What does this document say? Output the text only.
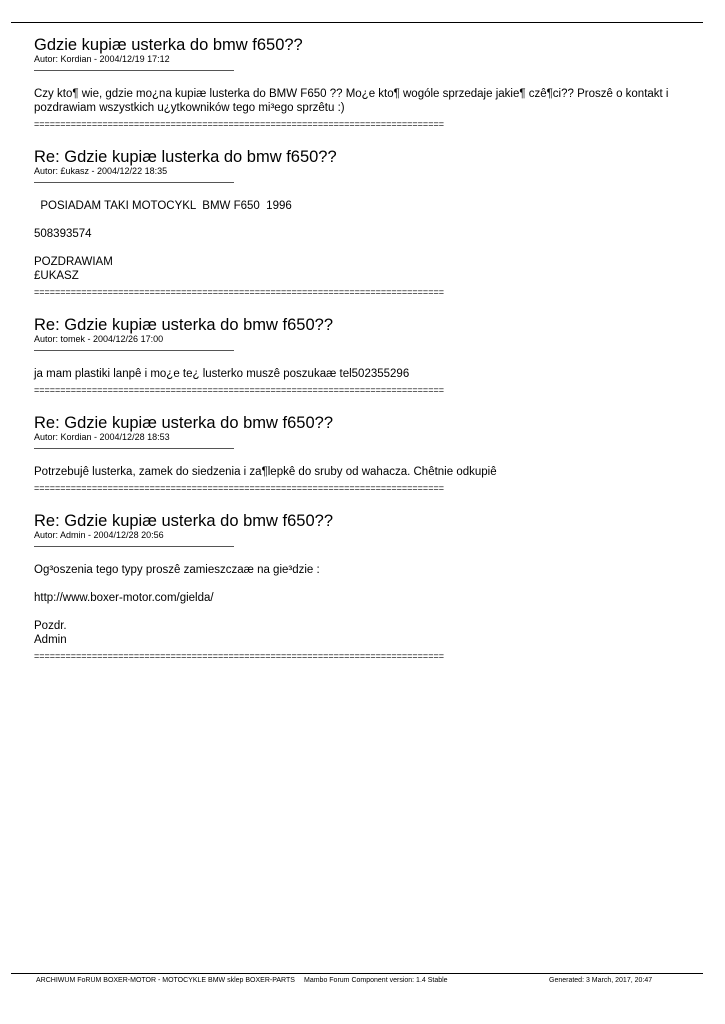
Gdzie kupiæ usterka do bmw f650??
Autor: Kordian - 2004/12/19 17:12

Czy kto¶ wie, gdzie mo¿na kupiæ lusterka do BMW F650 ?? Mo¿e kto¶ wogóle sprzedaje jakie¶ czê¶ci?? Proszê o kontakt i pozdrawiam wszystkich u¿ytkowników tego mi³ego sprzêtu :)

==============================================================================
Re: Gdzie kupiæ lusterka do bmw f650??
Autor: £ukasz - 2004/12/22 18:35

POSIADAM TAKI MOTOCYKL  BMW F650  1996

508393574

POZDRAWIAM
£UKASZ

==============================================================================
Re: Gdzie kupiæ usterka do bmw f650??
Autor: tomek - 2004/12/26 17:00

ja mam plastiki lanpê i mo¿e te¿ lusterko muszê poszukaæ tel502355296

==============================================================================
Re: Gdzie kupiæ usterka do bmw f650??
Autor: Kordian - 2004/12/28 18:53

Potrzebujê lusterka, zamek do siedzenia i za¶lepkê do sruby od wahacza. Chêtnie odkupiê

==============================================================================
Re: Gdzie kupiæ usterka do bmw f650??
Autor: Admin - 2004/12/28 20:56

Og³oszenia tego typy proszê zamieszczaæ na gie³dzie :

http://www.boxer-motor.com/gielda/

Pozdr.
Admin

==============================================================================
ARCHIWUM FoRUM BOXER-MOTOR - MOTOCYKLE BMW sklep BOXER-PARTS Mambo Forum Component version: 1.4 Stable	Generated: 3 March, 2017, 20:47
